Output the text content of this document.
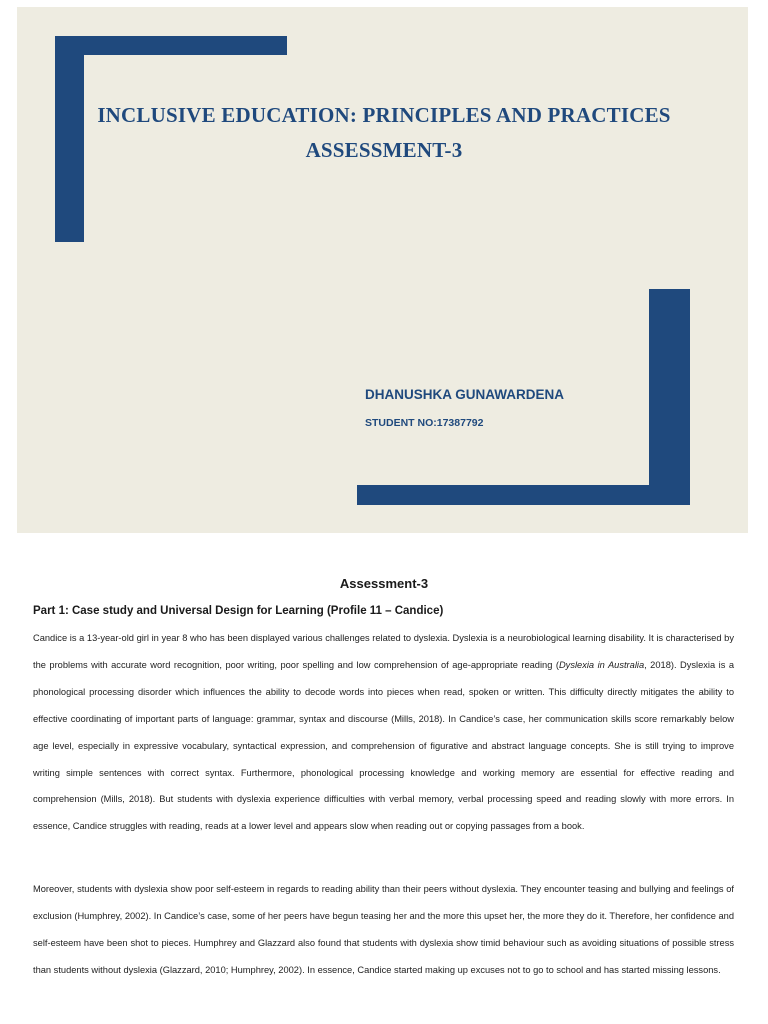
INCLUSIVE EDUCATION: PRINCIPLES AND PRACTICES
ASSESSMENT-3
DHANUSHKA GUNAWARDENA
STUDENT NO:17387792
Assessment-3
Part 1: Case study and Universal Design for Learning (Profile 11 – Candice)

Candice is a 13-year-old girl in year 8 who has been displayed various challenges related to dyslexia. Dyslexia is a neurobiological learning disability. It is characterised by the problems with accurate word recognition, poor writing, poor spelling and low comprehension of age-appropriate reading (Dyslexia in Australia, 2018). Dyslexia is a phonological processing disorder which influences the ability to decode words into pieces when read, spoken or written. This difficulty directly mitigates the ability to effective coordinating of important parts of language: grammar, syntax and discourse (Mills, 2018). In Candice’s case, her communication skills score remarkably below age level, especially in expressive vocabulary, syntactical expression, and comprehension of figurative and abstract language concepts. She is still trying to improve writing simple sentences with correct syntax. Furthermore, phonological processing knowledge and working memory are essential for effective reading and comprehension (Mills, 2018). But students with dyslexia experience difficulties with verbal memory, verbal processing speed and reading slowly with more errors. In essence, Candice struggles with reading, reads at a lower level and appears slow when reading out or copying passages from a book.

Moreover, students with dyslexia show poor self-esteem in regards to reading ability than their peers without dyslexia. They encounter teasing and bullying and feelings of exclusion (Humphrey, 2002). In Candice’s case, some of her peers have begun teasing her and the more this upset her, the more they do it. Therefore, her confidence and self-esteem have been shot to pieces. Humphrey and Glazzard also found that students with dyslexia show timid behaviour such as avoiding situations of possible stress than students without dyslexia (Glazzard, 2010; Humphrey, 2002). In essence, Candice started making up excuses not to go to school and has started missing lessons.
